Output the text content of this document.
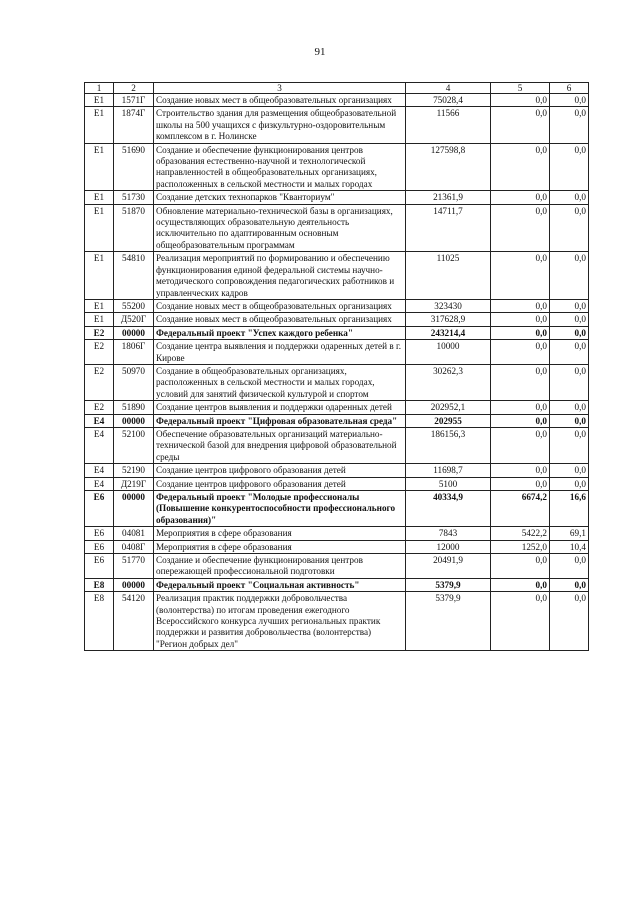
91
1	2	3	4	5	6
Е1	1571Г	Создание новых мест в общеобразовательных организациях	75028,4	0,0	0,0
Е1	1874Г	Строительство здания для размещения общеобразовательной школы на 500 учащихся с физкультурно-оздоровительным комплексом в г. Нолинске	11566	0,0	0,0
Е1	51690	Создание и обеспечение функционирования центров образования естественно-научной и технологической направленностей в общеобразовательных организациях, расположенных в сельской местности и малых городах	127598,8	0,0	0,0
Е1	51730	Создание детских технопарков "Кванториум"	21361,9	0,0	0,0
Е1	51870	Обновление материально-технической базы в организациях, осуществляющих образовательную деятельность исключительно по адаптированным основным общеобразовательным программам	14711,7	0,0	0,0
Е1	54810	Реализация мероприятий по формированию и обеспечению функционирования единой федеральной системы научно-методического сопровождения педагогических работников и управленческих кадров	11025	0,0	0,0
Е1	55200	Создание новых мест в общеобразовательных организациях	323430	0,0	0,0
Е1	Д520Г	Создание новых мест в общеобразовательных организациях	317628,9	0,0	0,0
Е2	00000	Федеральный проект "Успех каждого ребенка"	243214,4	0,0	0,0
Е2	1806Г	Создание центра выявления и поддержки одаренных детей в г. Кирове	10000	0,0	0,0
Е2	50970	Создание в общеобразовательных организациях, расположенных в сельской местности и малых городах, условий для занятий физической культурой и спортом	30262,3	0,0	0,0
Е2	51890	Создание центров выявления и поддержки одаренных детей	202952,1	0,0	0,0
Е4	00000	Федеральный проект "Цифровая образовательная среда"	202955	0,0	0,0
Е4	52100	Обеспечение образовательных организаций материально-технической базой для внедрения цифровой образовательной среды	186156,3	0,0	0,0
Е4	52190	Создание центров цифрового образования детей	11698,7	0,0	0,0
Е4	Д219Г	Создание центров цифрового образования детей	5100	0,0	0,0
Е6	00000	Федеральный проект "Молодые профессионалы (Повышение конкурентоспособности профессионального образования)"	40334,9	6674,2	16,6
Е6	04081	Мероприятия в сфере образования	7843	5422,2	69,1
Е6	0408Г	Мероприятия в сфере образования	12000	1252,0	10,4
Е6	51770	Создание и обеспечение функционирования центров опережающей профессиональной подготовки	20491,9	0,0	0,0
Е8	00000	Федеральный проект "Социальная активность"	5379,9	0,0	0,0
Е8	54120	Реализация практик поддержки добровольчества (волонтерства) по итогам проведения ежегодного Всероссийского конкурса лучших региональных практик поддержки и развития добровольчества (волонтерства) "Регион добрых дел"	5379,9	0,0	0,0
